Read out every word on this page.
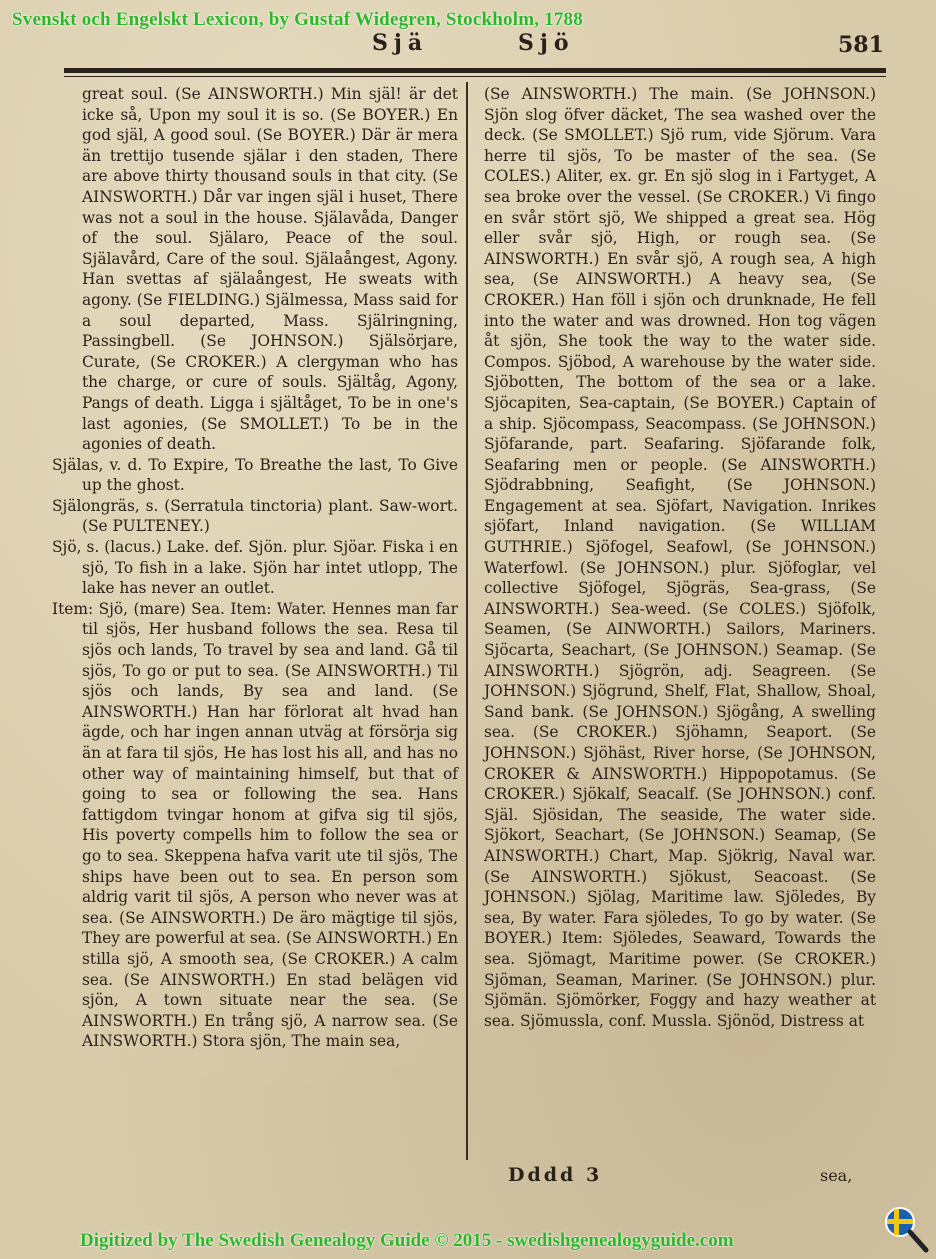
Svenskt och Engelskt Lexicon, by Gustaf Widegren, Stockholm, 1788
Sjä	Sjö	581

great soul. (Se AINSWORTH.) Min själ! är det icke så, Upon my soul it is so. (Se BOYER.) En god själ, A good soul. (Se BOYER.) Där är mera än trettijo tusende själar i den staden, There are above thirty thousand souls in that city. (Se AINSWORTH.) Dår var ingen själ i huset, There was not a soul in the house. Själavåda, Danger of the soul. Själaro, Peace of the soul. Själavård, Care of the soul. Själaångest, Agony. Han svettas af själaångest, He sweats with agony. (Se FIELDING.) Själmessa, Mass said for a soul departed, Mass. Själringning, Passingbell. (Se JOHNSON.) Själsörjare, Curate, (Se CROKER.) A clergyman who has the charge, or cure of souls. Själtåg, Agony, Pangs of death. Ligga i själtåget, To be in one's last agonies, (Se SMOLLET.) To be in the agonies of death.

Själas, v. d. To Expire, To Breathe the last, To Give up the ghost.

Själongräs, s. (Serratula tinctoria) plant. Saw-wort. (Se PULTENEY.)

Sjö, s. (lacus.) Lake. def. Sjön. plur. Sjöar. Fiska i en sjö, To fish in a lake. Sjön har intet utlopp, The lake has never an outlet.

Item: Sjö, (mare) Sea. Item: Water. Hennes man far til sjös, Her husband follows the sea. Resa til sjös och lands, To travel by sea and land. Gå til sjös, To go or put to sea. (Se AINSWORTH.) Til sjös och lands, By sea and land. (Se AINSWORTH.) Han har förlorat alt hvad han ägde, och har ingen annan utväg at försörja sig än at fara til sjös, He has lost his all, and has no other way of maintaining himself, but that of going to sea or following the sea. Hans fattigdom tvingar honom at gifva sig til sjös, His poverty compells him to follow the sea or go to sea. Skeppena hafva varit ute til sjös, The ships have been out to sea. En person som aldrig varit til sjös, A person who never was at sea. (Se AINSWORTH.) De äro mägtige til sjös, They are powerful at sea. (Se AINSWORTH.) En stilla sjö, A smooth sea, (Se CROKER.) A calm sea. (Se AINSWORTH.) En stad belägen vid sjön, A town situate near the sea. (Se AINSWORTH.) En trång sjö, A narrow sea. (Se AINSWORTH.) Stora sjön, The main sea,

(Se AINSWORTH.) The main. (Se JOHNSON.) Sjön slog öfver däcket, The sea washed over the deck. (Se SMOLLET.) Sjö rum, vide Sjörum. Vara herre til sjös, To be master of the sea. (Se COLES.) Aliter, ex. gr. En sjö slog in i Fartyget, A sea broke over the vessel. (Se CROKER.) Vi fingo en svår stört sjö, We shipped a great sea. Hög eller svår sjö, High, or rough sea. (Se AINSWORTH.) En svår sjö, A rough sea, A high sea, (Se AINSWORTH.) A heavy sea, (Se CROKER.) Han föll i sjön och drunknade, He fell into the water and was drowned. Hon tog vägen åt sjön, She took the way to the water side. Compos. Sjöbod, A warehouse by the water side. Sjöbotten, The bottom of the sea or a lake. Sjöcapiten, Sea-captain, (Se BOYER.) Captain of a ship. Sjöcompass, Seacompass. (Se JOHNSON.) Sjöfarande, part. Seafaring. Sjöfarande folk, Seafaring men or people. (Se AINSWORTH.) Sjödrabbning, Seafight, (Se JOHNSON.) Engagement at sea. Sjöfart, Navigation. Inrikes sjöfart, Inland navigation. (Se WILLIAM GUTHRIE.) Sjöfogel, Seafowl, (Se JOHNSON.) Waterfowl. (Se JOHNSON.) plur. Sjöfoglar, vel collective Sjöfogel, Sjögräs, Sea-grass, (Se AINSWORTH.) Sea-weed. (Se COLES.) Sjöfolk, Seamen, (Se AINWORTH.) Sailors, Mariners. Sjöcarta, Seachart, (Se JOHNSON.) Seamap. (Se AINSWORTH.) Sjögrön, adj. Seagreen. (Se JOHNSON.) Sjögrund, Shelf, Flat, Shallow, Shoal, Sand bank. (Se JOHNSON.) Sjögång, A swelling sea. (Se CROKER.) Sjöhamn, Seaport. (Se JOHNSON.) Sjöhäst, River horse, (Se JOHNSON, CROKER & AINSWORTH.) Hippopotamus. (Se CROKER.) Sjökalf, Seacalf. (Se JOHNSON.) conf. Själ. Sjösidan, The seaside, The water side. Sjökort, Seachart, (Se JOHNSON.) Seamap, (Se AINSWORTH.) Chart, Map. Sjökrig, Naval war. (Se AINSWORTH.) Sjökust, Seacoast. (Se JOHNSON.) Sjölag, Maritime law. Sjöledes, By sea, By water. Fara sjöledes, To go by water. (Se BOYER.) Item: Sjöledes, Seaward, Towards the sea. Sjömagt, Maritime power. (Se CROKER.) Sjöman, Seaman, Mariner. (Se JOHNSON.) plur. Sjömän. Sjömörker, Foggy and hazy weather at sea. Sjömussla, conf. Mussla. Sjönöd, Distress at

Dddd 3	sea,
Digitized by The Swedish Genealogy Guide © 2015 - swedishgenealogyguide.com
